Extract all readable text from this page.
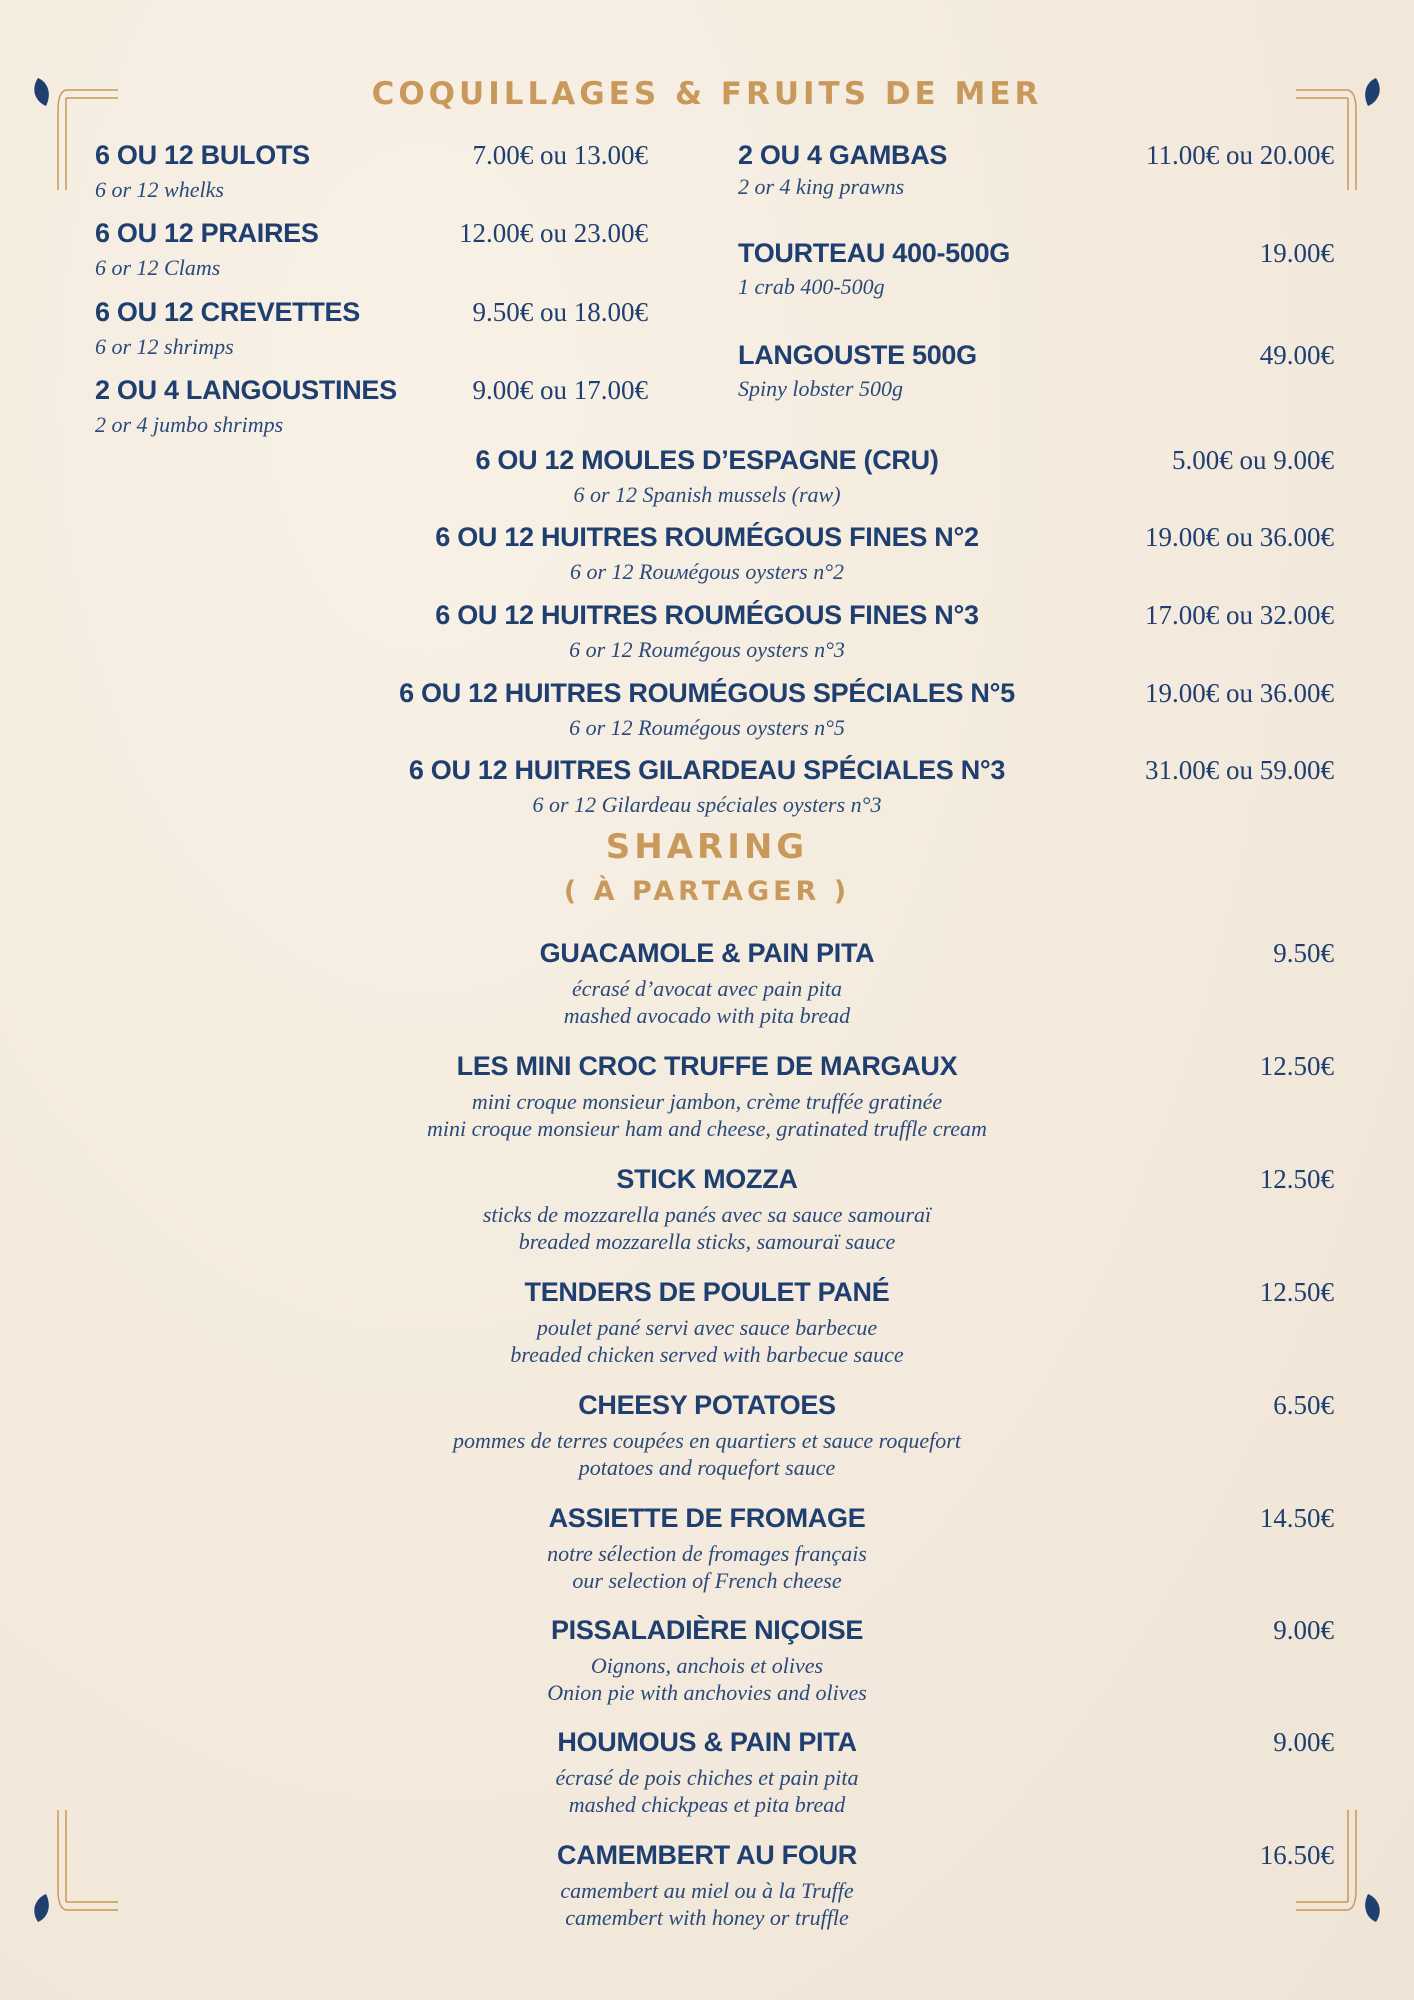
COQUILLAGES & FRUITS DE MER
6 OU 12 BULOTS
6 or 12 whelks
7.00€ ou 13.00€
6 OU 12 PRAIRES
6 or 12 Clams
12.00€ ou 23.00€
6 OU 12 CREVETTES
6 or 12 shrimps
9.50€ ou 18.00€
2 OU 4 LANGOUSTINES
2 or 4 jumbo shrimps
9.00€ ou 17.00€
2 OU 4 GAMBAS
2 or 4 king prawns
11.00€ ou 20.00€
TOURTEAU 400-500G
1 crab 400-500g
19.00€
LANGOUSTE 500G
Spiny lobster 500g
49.00€
6 OU 12 MOULES D’ESPAGNE (CRU)
6 or 12 Spanish mussels (raw)
5.00€ ou 9.00€
6 OU 12 HUITRES ROUMÉGOUS FINES N°2
6 or 12 Rouмégous oysters n°2
19.00€ ou 36.00€
6 OU 12 HUITRES ROUMÉGOUS FINES N°3
6 or 12 Roumégous oysters n°3
17.00€ ou 32.00€
6 OU 12 HUITRES ROUMÉGOUS SPÉCIALES N°5
6 or 12 Roumégous oysters n°5
19.00€ ou 36.00€
6 OU 12 HUITRES GILARDEAU SPÉCIALES N°3
6 or 12 Gilardeau spéciales oysters n°3
31.00€ ou 59.00€
SHARING
( À PARTAGER )
GUACAMOLE & PAIN PITA
écrasé d’avocat avec pain pita
mashed avocado with pita bread
9.50€
LES MINI CROC TRUFFE DE MARGAUX
mini croque monsieur jambon, crème truffée gratinée
mini croque monsieur ham and cheese, gratinated truffle cream
12.50€
STICK MOZZA
sticks de mozzarella panés avec sa sauce samouraï
breaded mozzarella sticks, samouraï sauce
12.50€
TENDERS DE POULET PANÉ
poulet pané servi avec sauce barbecue
breaded chicken served with barbecue sauce
12.50€
CHEESY POTATOES
pommes de terres coupées en quartiers et sauce roquefort
potatoes and roquefort sauce
6.50€
ASSIETTE DE FROMAGE
notre sélection de fromages français
our selection of French cheese
14.50€
PISSALADIÈRE NIÇOISE
Oignons, anchois et olives
Onion pie with anchovies and olives
9.00€
HOUMOUS & PAIN PITA
écrasé de pois chiches et pain pita
mashed chickpeas et pita bread
9.00€
CAMEMBERT AU FOUR
camembert au miel ou à la Truffe
camembert with honey or truffle
16.50€
